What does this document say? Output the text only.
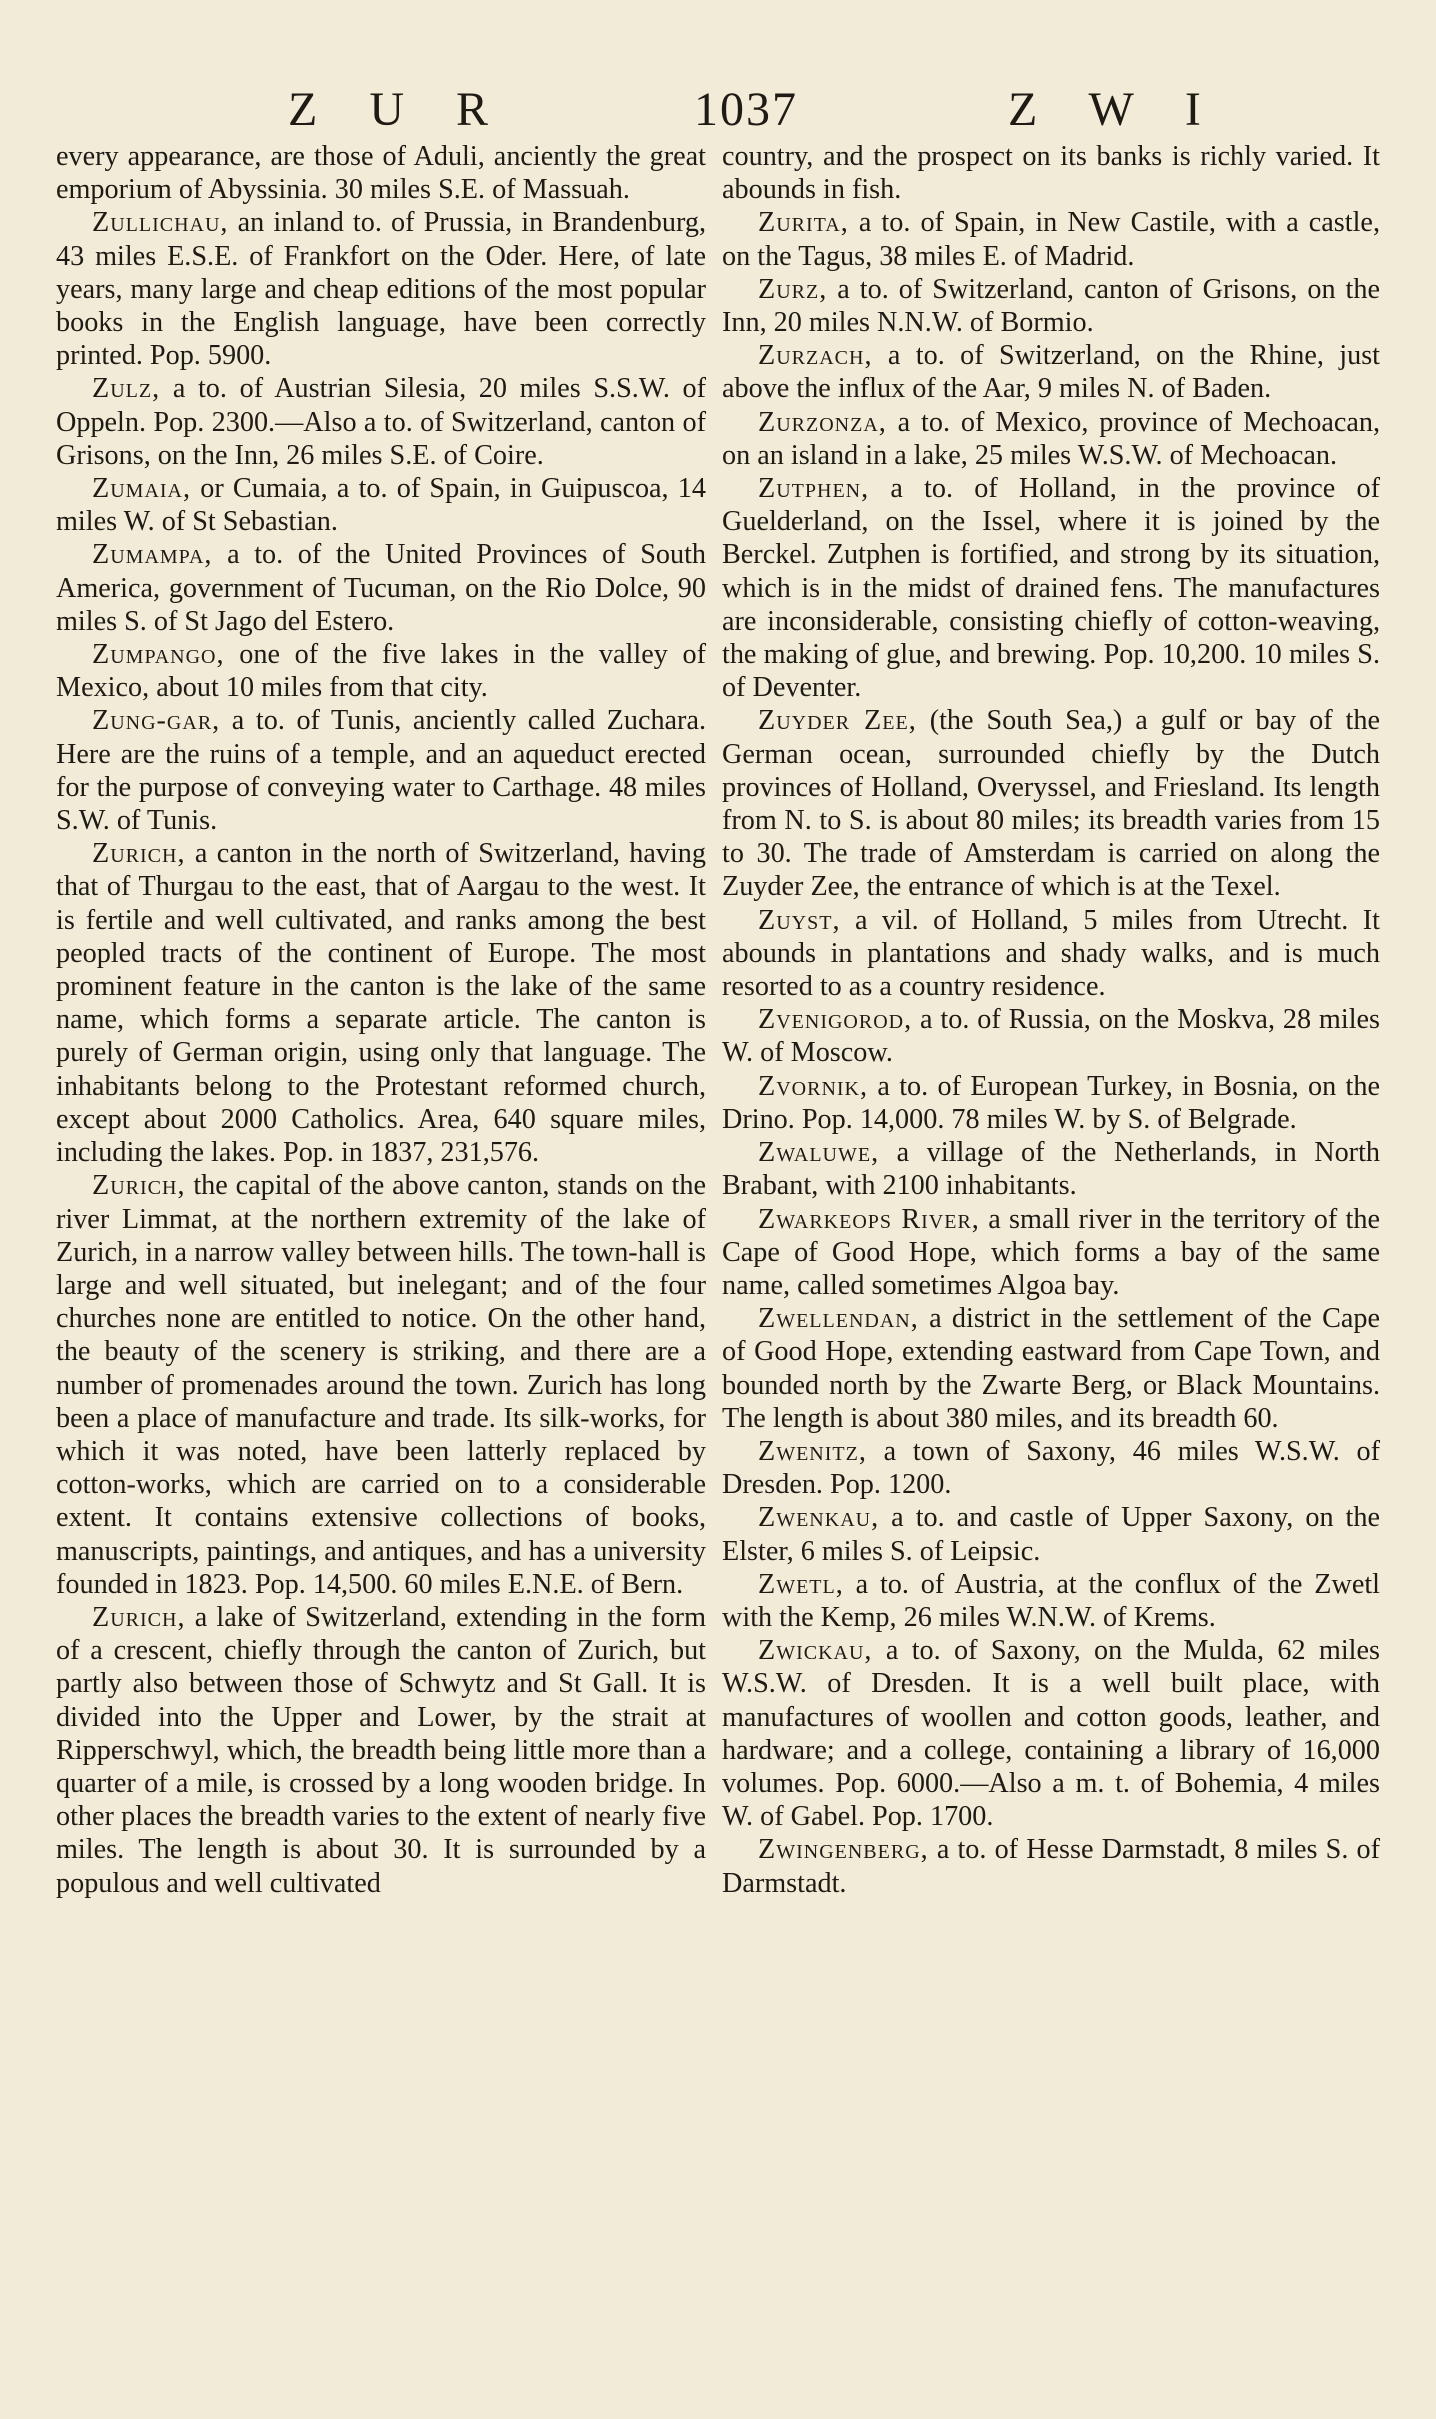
Z U R	1037	Z W I

every appearance, are those of Aduli, anciently the great emporium of Abyssinia. 30 miles S.E. of Massuah.

Zullichau, an inland to. of Prussia, in Brandenburg, 43 miles E.S.E. of Frankfort on the Oder. Here, of late years, many large and cheap editions of the most popular books in the English language, have been correctly printed. Pop. 5900.

Zulz, a to. of Austrian Silesia, 20 miles S.S.W. of Oppeln. Pop. 2300.—Also a to. of Switzerland, canton of Grisons, on the Inn, 26 miles S.E. of Coire.

Zumaia, or Cumaia, a to. of Spain, in Guipuscoa, 14 miles W. of St Sebastian.

Zumampa, a to. of the United Provinces of South America, government of Tucuman, on the Rio Dolce, 90 miles S. of St Jago del Estero.

Zumpango, one of the five lakes in the valley of Mexico, about 10 miles from that city.

Zung-gar, a to. of Tunis, anciently called Zuchara. Here are the ruins of a temple, and an aqueduct erected for the purpose of conveying water to Carthage. 48 miles S.W. of Tunis.

Zurich, a canton in the north of Switzerland, having that of Thurgau to the east, that of Aargau to the west. It is fertile and well cultivated, and ranks among the best peopled tracts of the continent of Europe. The most prominent feature in the canton is the lake of the same name, which forms a separate article. The canton is purely of German origin, using only that language. The inhabitants belong to the Protestant reformed church, except about 2000 Catholics. Area, 640 square miles, including the lakes. Pop. in 1837, 231,576.

Zurich, the capital of the above canton, stands on the river Limmat, at the northern extremity of the lake of Zurich, in a narrow valley between hills. The town-hall is large and well situated, but inelegant; and of the four churches none are entitled to notice. On the other hand, the beauty of the scenery is striking, and there are a number of promenades around the town. Zurich has long been a place of manufacture and trade. Its silk-works, for which it was noted, have been latterly replaced by cotton-works, which are carried on to a considerable extent. It contains extensive collections of books, manuscripts, paintings, and antiques, and has a university founded in 1823. Pop. 14,500. 60 miles E.N.E. of Bern.

Zurich, a lake of Switzerland, extending in the form of a crescent, chiefly through the canton of Zurich, but partly also between those of Schwytz and St Gall. It is divided into the Upper and Lower, by the strait at Ripperschwyl, which, the breadth being little more than a quarter of a mile, is crossed by a long wooden bridge. In other places the breadth varies to the extent of nearly five miles. The length is about 30. It is surrounded by a populous and well cultivated

country, and the prospect on its banks is richly varied. It abounds in fish.

Zurita, a to. of Spain, in New Castile, with a castle, on the Tagus, 38 miles E. of Madrid.

Zurz, a to. of Switzerland, canton of Grisons, on the Inn, 20 miles N.N.W. of Bormio.

Zurzach, a to. of Switzerland, on the Rhine, just above the influx of the Aar, 9 miles N. of Baden.

Zurzonza, a to. of Mexico, province of Mechoacan, on an island in a lake, 25 miles W.S.W. of Mechoacan.

Zutphen, a to. of Holland, in the province of Guelderland, on the Issel, where it is joined by the Berckel. Zutphen is fortified, and strong by its situation, which is in the midst of drained fens. The manufactures are inconsiderable, consisting chiefly of cotton-weaving, the making of glue, and brewing. Pop. 10,200. 10 miles S. of Deventer.

Zuyder Zee, (the South Sea,) a gulf or bay of the German ocean, surrounded chiefly by the Dutch provinces of Holland, Overyssel, and Friesland. Its length from N. to S. is about 80 miles; its breadth varies from 15 to 30. The trade of Amsterdam is carried on along the Zuyder Zee, the entrance of which is at the Texel.

Zuyst, a vil. of Holland, 5 miles from Utrecht. It abounds in plantations and shady walks, and is much resorted to as a country residence.

Zvenigorod, a to. of Russia, on the Moskva, 28 miles W. of Moscow.

Zvornik, a to. of European Turkey, in Bosnia, on the Drino. Pop. 14,000. 78 miles W. by S. of Belgrade.

Zwaluwe, a village of the Netherlands, in North Brabant, with 2100 inhabitants.

Zwarkeops River, a small river in the territory of the Cape of Good Hope, which forms a bay of the same name, called sometimes Algoa bay.

Zwellendan, a district in the settlement of the Cape of Good Hope, extending eastward from Cape Town, and bounded north by the Zwarte Berg, or Black Mountains. The length is about 380 miles, and its breadth 60.

Zwenitz, a town of Saxony, 46 miles W.S.W. of Dresden. Pop. 1200.

Zwenkau, a to. and castle of Upper Saxony, on the Elster, 6 miles S. of Leipsic.

Zwetl, a to. of Austria, at the conflux of the Zwetl with the Kemp, 26 miles W.N.W. of Krems.

Zwickau, a to. of Saxony, on the Mulda, 62 miles W.S.W. of Dresden. It is a well built place, with manufactures of woollen and cotton goods, leather, and hardware; and a college, containing a library of 16,000 volumes. Pop. 6000.—Also a m. t. of Bohemia, 4 miles W. of Gabel. Pop. 1700.

Zwingenberg, a to. of Hesse Darmstadt, 8 miles S. of Darmstadt.
